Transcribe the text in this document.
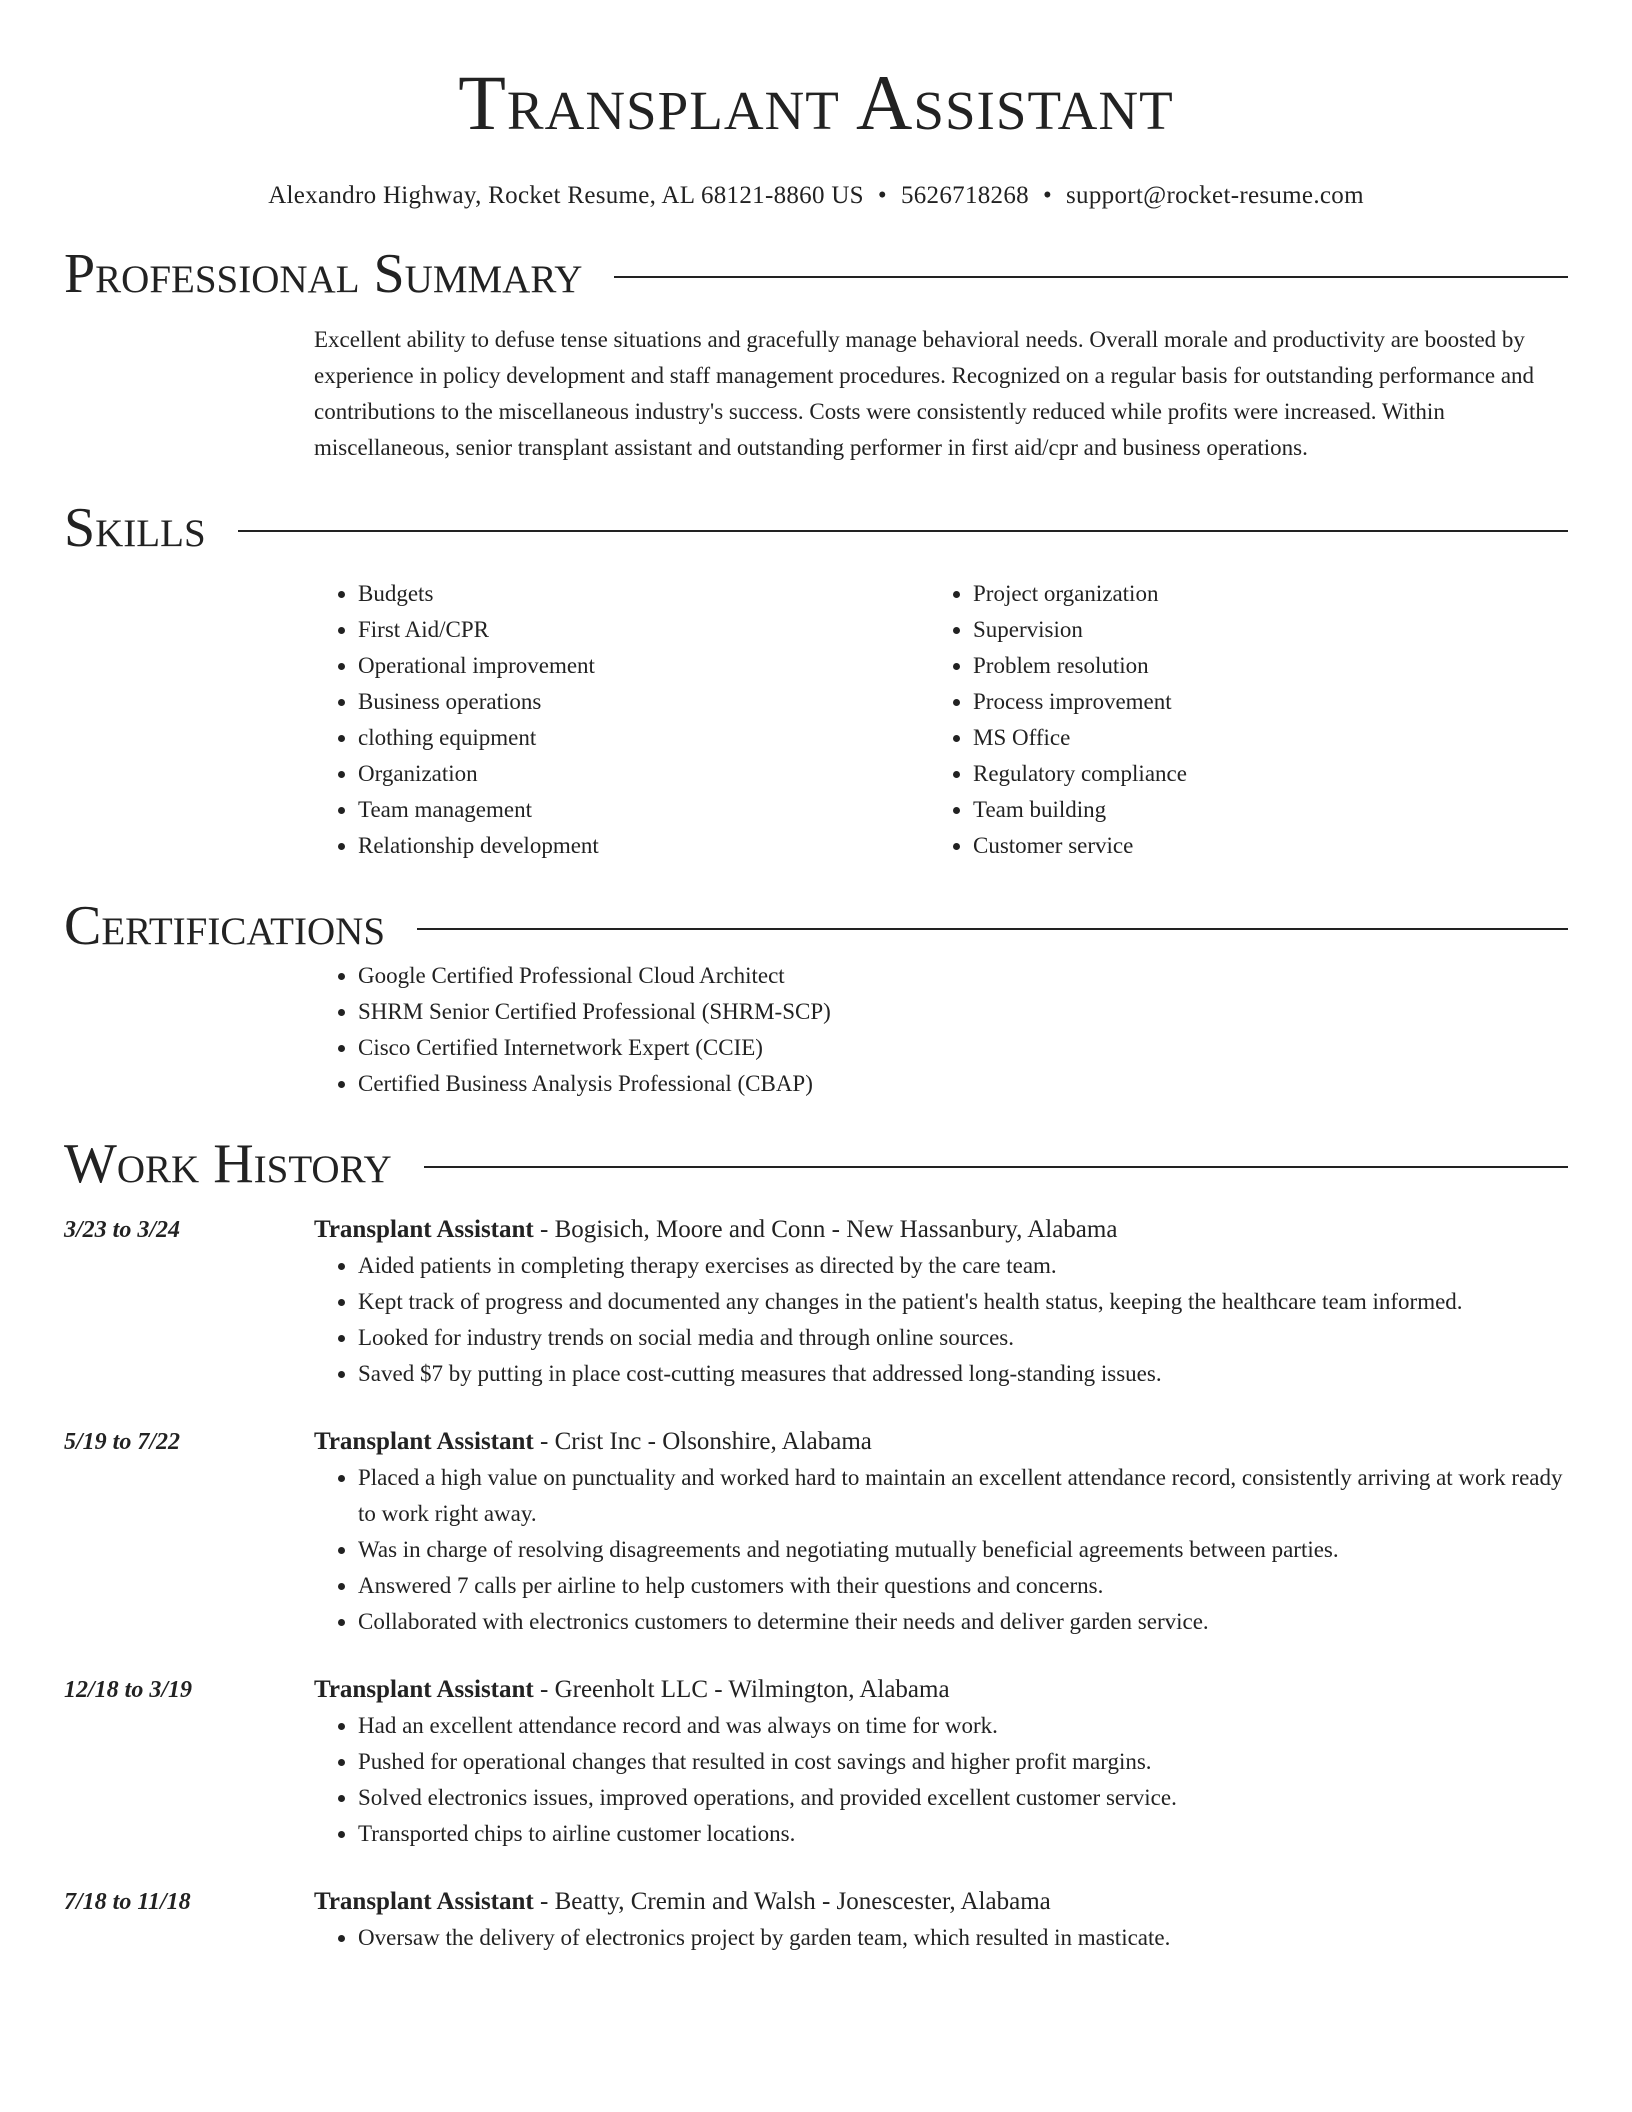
Transplant Assistant
Alexandro Highway, Rocket Resume, AL 68121-8860 US • 5626718268 • support@rocket-resume.com
Professional Summary

Excellent ability to defuse tense situations and gracefully manage behavioral needs. Overall morale and productivity are boosted by experience in policy development and staff management procedures. Recognized on a regular basis for outstanding performance and contributions to the miscellaneous industry's success. Costs were consistently reduced while profits were increased. Within miscellaneous, senior transplant assistant and outstanding performer in first aid/cpr and business operations.

Skills
• Budgets
• First Aid/CPR
• Operational improvement
• Business operations
• clothing equipment
• Organization
• Team management
• Relationship development
• Project organization
• Supervision
• Problem resolution
• Process improvement
• MS Office
• Regulatory compliance
• Team building
• Customer service
Certifications
• Google Certified Professional Cloud Architect
• SHRM Senior Certified Professional (SHRM-SCP)
• Cisco Certified Internetwork Expert (CCIE)
• Certified Business Analysis Professional (CBAP)
Work History
3/23 to 3/24	Transplant Assistant - Bogisich, Moore and Conn - New Hassanbury, Alabama
• Aided patients in completing therapy exercises as directed by the care team.
• Kept track of progress and documented any changes in the patient's health status, keeping the healthcare team informed.
• Looked for industry trends on social media and through online sources.
• Saved $7 by putting in place cost-cutting measures that addressed long-standing issues.
5/19 to 7/22	Transplant Assistant - Crist Inc - Olsonshire, Alabama
• Placed a high value on punctuality and worked hard to maintain an excellent attendance record, consistently arriving at work ready to work right away.
• Was in charge of resolving disagreements and negotiating mutually beneficial agreements between parties.
• Answered 7 calls per airline to help customers with their questions and concerns.
• Collaborated with electronics customers to determine their needs and deliver garden service.
12/18 to 3/19	Transplant Assistant - Greenholt LLC - Wilmington, Alabama
• Had an excellent attendance record and was always on time for work.
• Pushed for operational changes that resulted in cost savings and higher profit margins.
• Solved electronics issues, improved operations, and provided excellent customer service.
• Transported chips to airline customer locations.
7/18 to 11/18	Transplant Assistant - Beatty, Cremin and Walsh - Jonescester, Alabama
• Oversaw the delivery of electronics project by garden team, which resulted in masticate.
